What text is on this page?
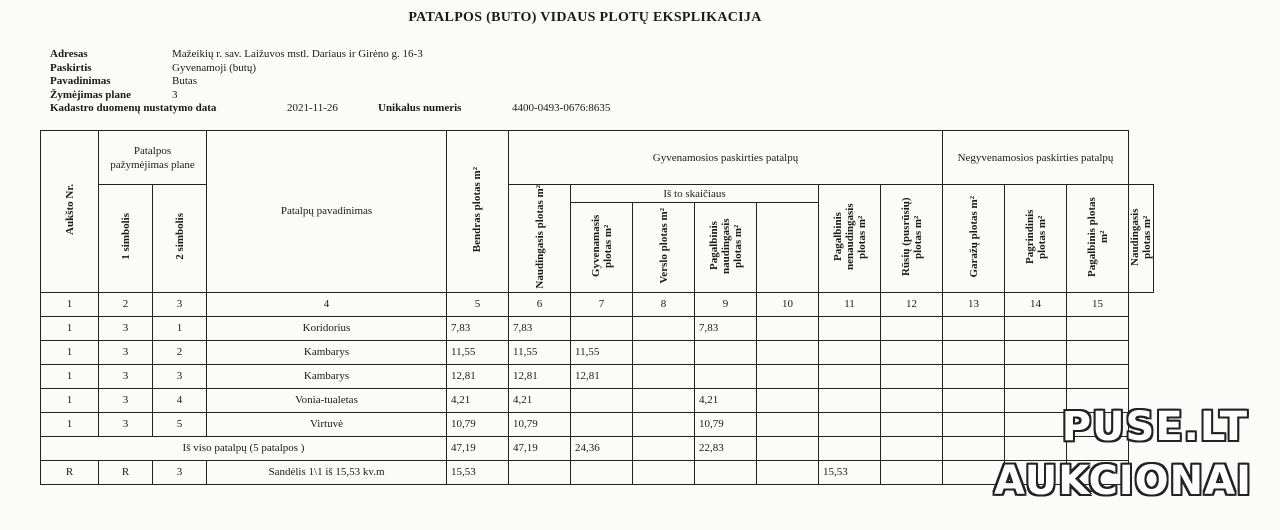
PATALPOS (BUTO) VIDAUS PLOTŲ EKSPLIKACIJA
Adresas	Mažeikių r. sav. Laižuvos mstl. Dariaus ir Girėno g. 16-3
Paskirtis	Gyvenamoji (butų)
Pavadinimas	Butas
Žymėjimas plane	3
Kadastro duomenų nustatymo data	2021-11-26	Unikalus numeris	4400-0493-0676:8635
Aukšto Nr.	Patalpos pažymėjimas plane		Patalpų pavadinimas	Bendras plotas m²	Gyvenamosios paskirties patalpų							Negyvenamosios paskirties patalpų			
	1 simbolis	2 simbolis			Naudingasis plotas m²	Iš to skaičiaus				Pagalbinis nenaudingasis plotas m²	Rūsių (pusrūsių) plotas m²	Garažų plotas m²	Pagrindinis plotas m²	Pagalbinis plotas m²	Naudingasis plotas m²
						Gyvenamasis plotas m²	Verslo plotas m²	Pagalbinis naudingasis plotas m²							
1	2	3	4	5	6	7	8	9	10	11	12	13	14	15	
1	3	1	Koridorius	7,83	7,83			7,83							
1	3	2	Kambarys	11,55	11,55	11,55									
1	3	3	Kambarys	12,81	12,81	12,81									
1	3	4	Vonia-tualetas	4,21	4,21			4,21							
1	3	5	Virtuvė	10,79	10,79			10,79							
Iš viso patalpų (5 patalpos )				47,19	47,19	24,36		22,83							
R	R	3	Sandėlis 1\1 iš 15,53 kv.m	15,53						15,53					
PUSE.LT
AUKCIONAI
